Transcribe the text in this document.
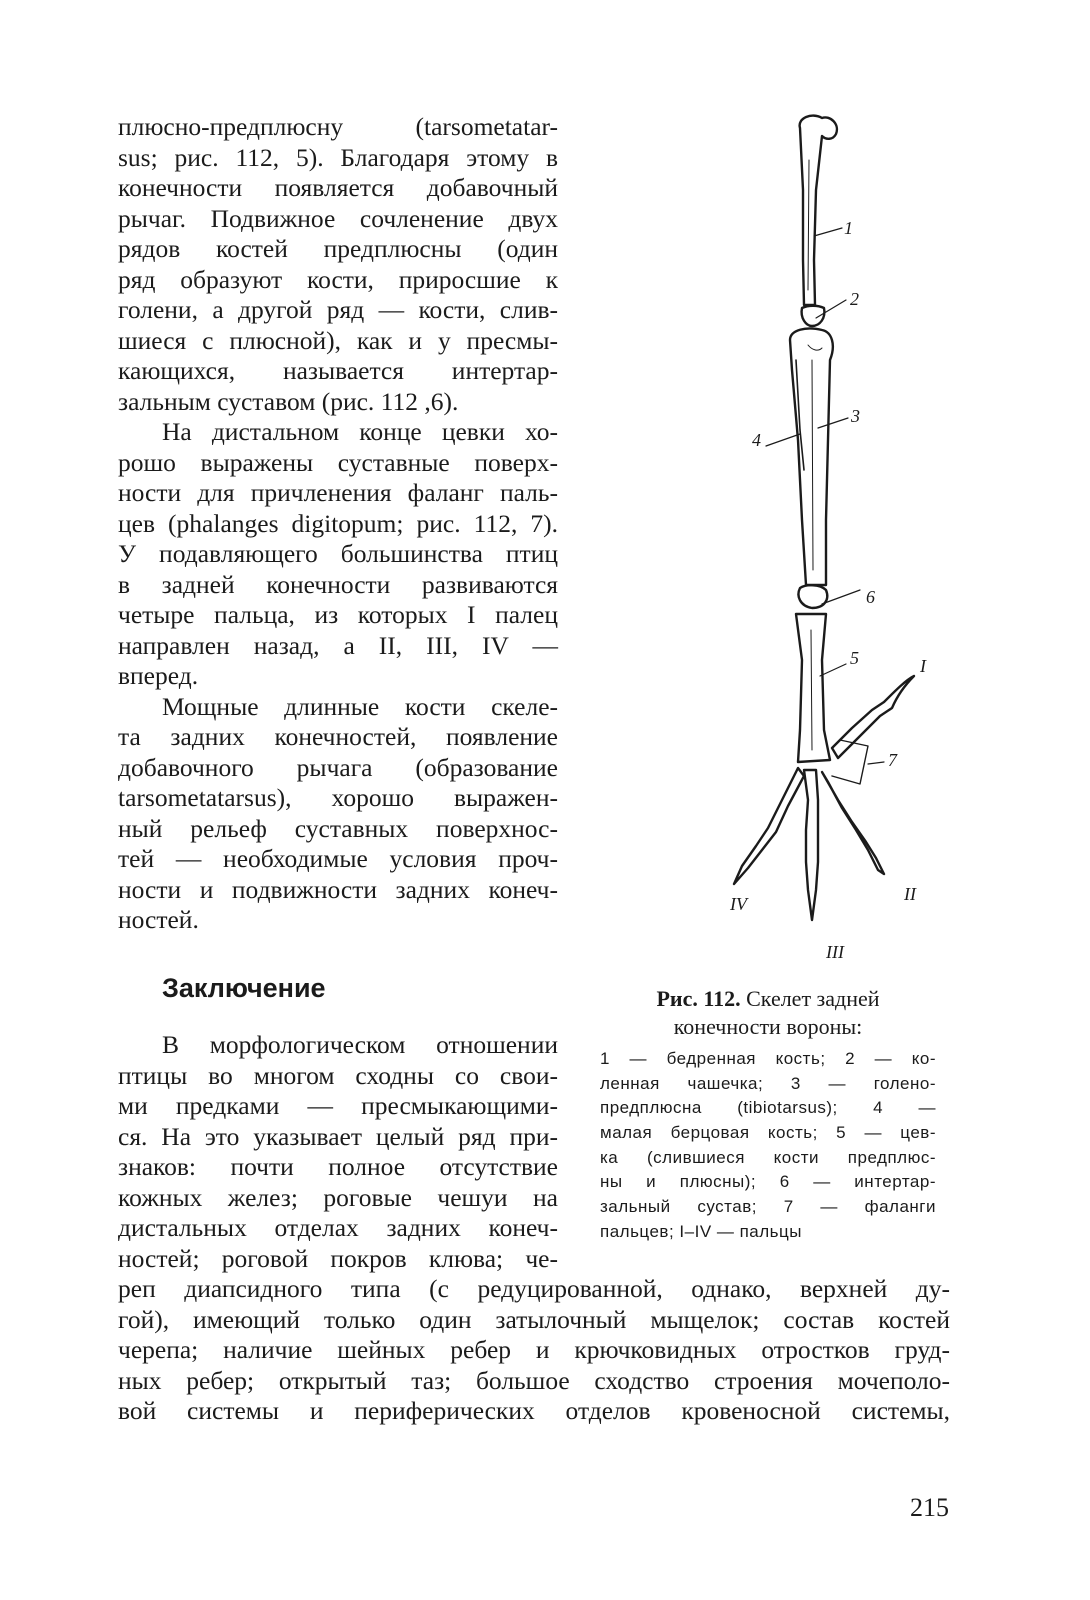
плюсно-предплюсну (tarsometatar-
sus; рис. 112, 5). Благодаря этому в
конечности появляется добавочный
рычаг. Подвижное сочленение двух
рядов костей предплюсны (один
ряд образуют кости, приросшие к
голени, а другой ряд — кости, слив-
шиеся с плюсной), как и у пресмы-
кающихся, называется интертар-
зальным суставом (рис. 112 ,6).
На дистальном конце цевки хо-
рошо выражены суставные поверх-
ности для причленения фаланг паль-
цев (phalanges digitopum; рис. 112, 7).
У подавляющего большинства птиц
в задней конечности развиваются
четыре пальца, из которых I палец
направлен назад, а II, III, IV —
вперед.
Мощные длинные кости скеле-
та задних конечностей, появление
добавочного рычага (образование
tarsometatarsus), хорошо выражен-
ный рельеф суставных поверхнос-
тей — необходимые условия проч-
ности и подвижности задних конеч-
ностей.
Заключение
В морфологическом отношении
птицы во многом сходны со свои-
ми предками — пресмыкающими-
ся. На это указывает целый ряд при-
знаков: почти полное отсутствие
кожных желез; роговые чешуи на
дистальных отделах задних конеч-
ностей; роговой покров клюва; че-
реп диапсидного типа (с редуцированной, однако, верхней ду-
гой), имеющий только один затылочный мыщелок; состав костей
черепа; наличие шейных ребер и крючковидных отростков груд-
ных ребер; открытый таз; большое сходство строения мочеполо-
вой системы и периферических отделов кровеносной системы,
1
2
3
4
6
5	I
7
IV	II
III
Рис. 112. Скелет задней
конечности вороны:
1 — бедренная кость; 2 — ко-
ленная чашечка; 3 — голено-
предплюсна (tibiotarsus); 4 —
малая берцовая кость; 5 — цев-
ка (слившиеся кости предплюс-
ны и плюсны); 6 — интертар-
зальный сустав; 7 — фаланги
пальцев; I–IV — пальцы
215
